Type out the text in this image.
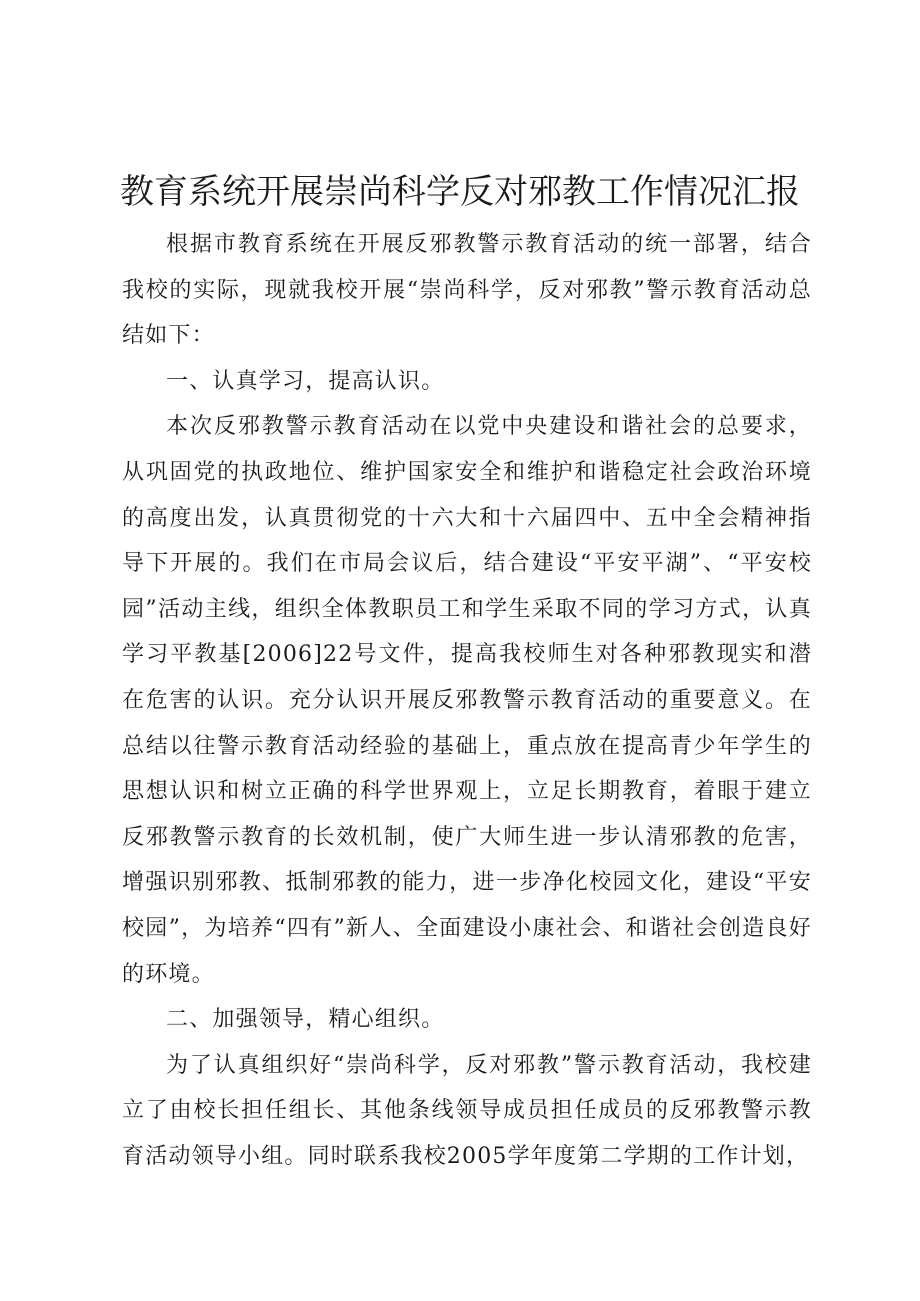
教育系统开展崇尚科学反对邪教工作情况汇报

根据市教育系统在开展反邪教警示教育活动的统一部署，结合我校的实际，现就我校开展“崇尚科学，反对邪教”警示教育活动总结如下：

一、认真学习，提高认识。

本次反邪教警示教育活动在以党中央建设和谐社会的总要求，从巩固党的执政地位、维护国家安全和维护和谐稳定社会政治环境的高度出发，认真贯彻党的十六大和十六届四中、五中全会精神指导下开展的。我们在市局会议后，结合建设“平安平湖”、“平安校园”活动主线，组织全体教职员工和学生采取不同的学习方式，认真学习平教基[2006]22号文件，提高我校师生对各种邪教现实和潜在危害的认识。充分认识开展反邪教警示教育活动的重要意义。在总结以往警示教育活动经验的基础上，重点放在提高青少年学生的思想认识和树立正确的科学世界观上，立足长期教育，着眼于建立反邪教警示教育的长效机制，使广大师生进一步认清邪教的危害，增强识别邪教、抵制邪教的能力，进一步净化校园文化，建设“平安校园”，为培养“四有”新人、全面建设小康社会、和谐社会创造良好的环境。

二、加强领导，精心组织。

为了认真组织好“崇尚科学，反对邪教”警示教育活动，我校建立了由校长担任组长、其他条线领导成员担任成员的反邪教警示教育活动领导小组。同时联系我校2005学年度第二学期的工作计划，
